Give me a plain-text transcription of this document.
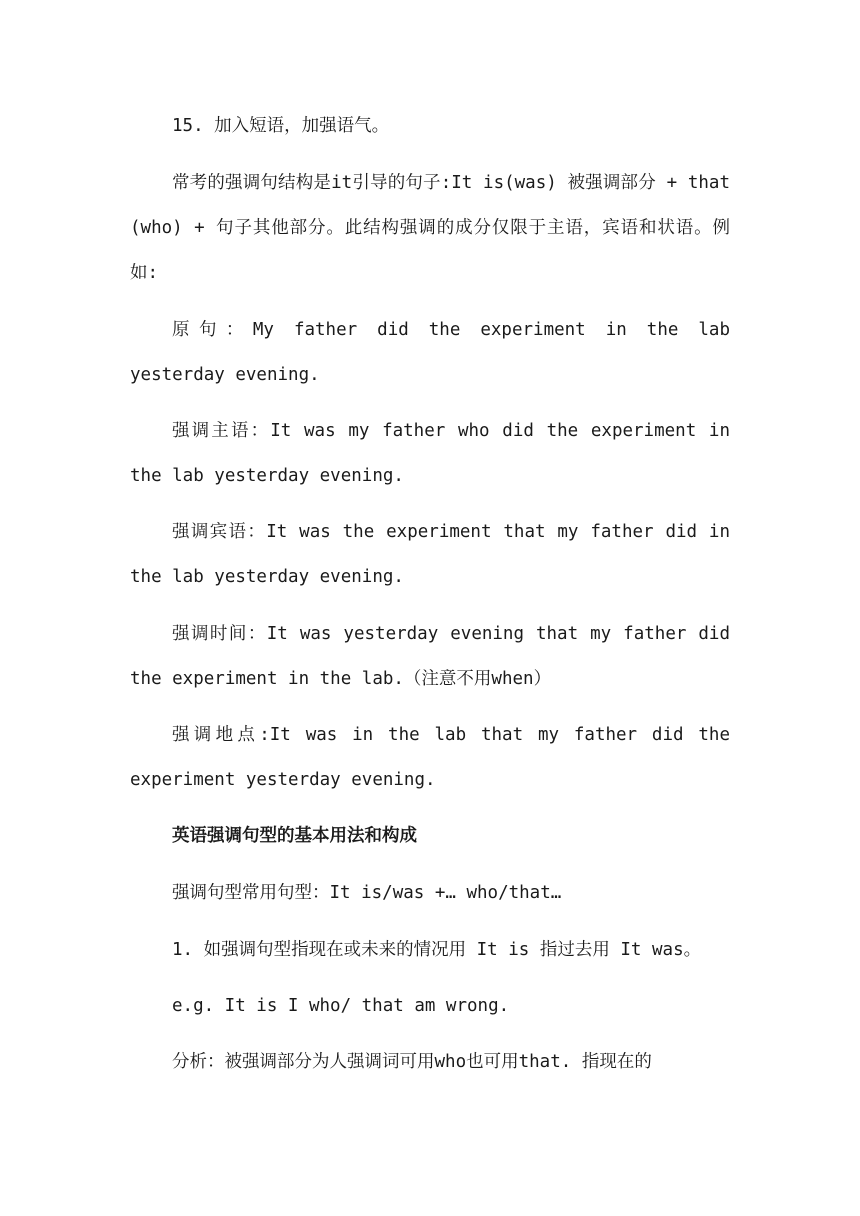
15. 加入短语，加强语气。

常考的强调句结构是it引导的句子:It is(was) 被强调部分 + that (who) + 句子其他部分。此结构强调的成分仅限于主语，宾语和状语。例如:

原句：My father did the experiment in the lab yesterday evening.

强调主语：It was my father who did the experiment in the lab yesterday evening.

强调宾语：It was the experiment that my father did in the lab yesterday evening.

强调时间：It was yesterday evening that my father did the experiment in the lab.（注意不用when）

强调地点:It was in the lab that my father did the experiment yesterday evening.

英语强调句型的基本用法和构成

强调句型常用句型：It is/was +… who/that…

1. 如强调句型指现在或未来的情况用 It is 指过去用 It was。

e.g. It is I who/ that am wrong.

分析：被强调部分为人强调词可用who也可用that. 指现在的
